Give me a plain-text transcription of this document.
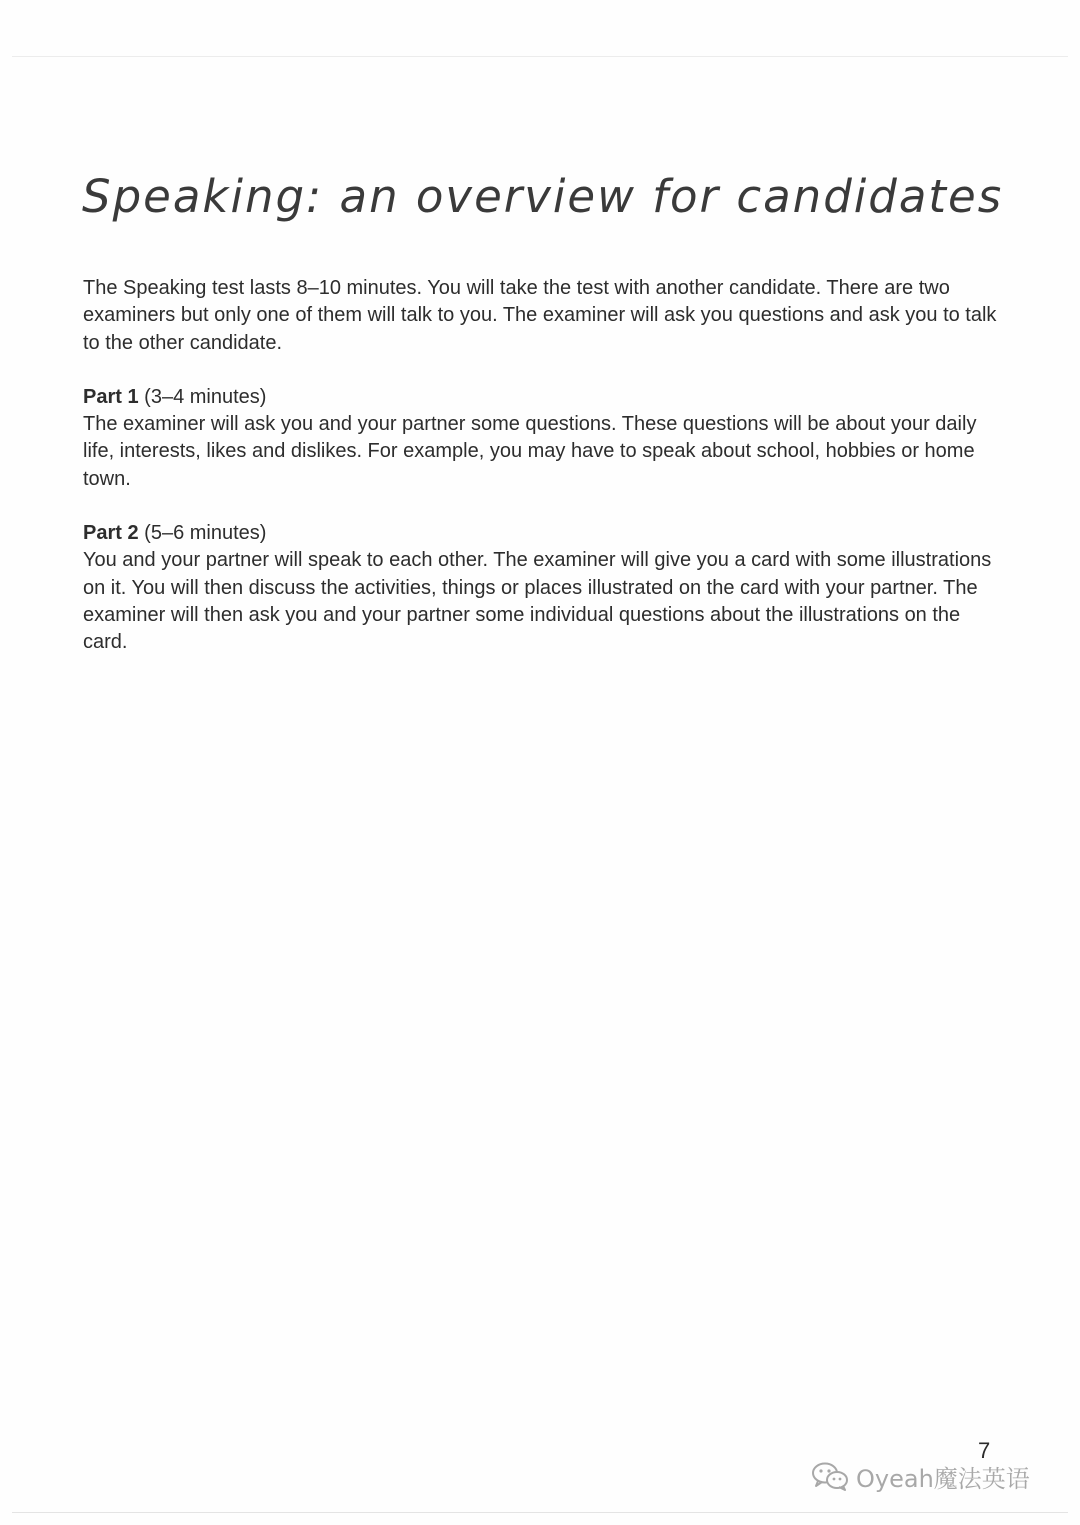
Speaking: an overview for candidates

The Speaking test lasts 8–10 minutes. You will take the test with another candidate. There are two examiners but only one of them will talk to you. The examiner will ask you questions and ask you to talk to the other candidate.

Part 1 (3–4 minutes)

The examiner will ask you and your partner some questions. These questions will be about your daily life, interests, likes and dislikes. For example, you may have to speak about school, hobbies or home town.

Part 2 (5–6 minutes)

You and your partner will speak to each other. The examiner will give you a card with some illustrations on it. You will then discuss the activities, things or places illustrated on the card with your partner. The examiner will then ask you and your partner some individual questions about the illustrations on the card.

7
Oyeah魔法英语
